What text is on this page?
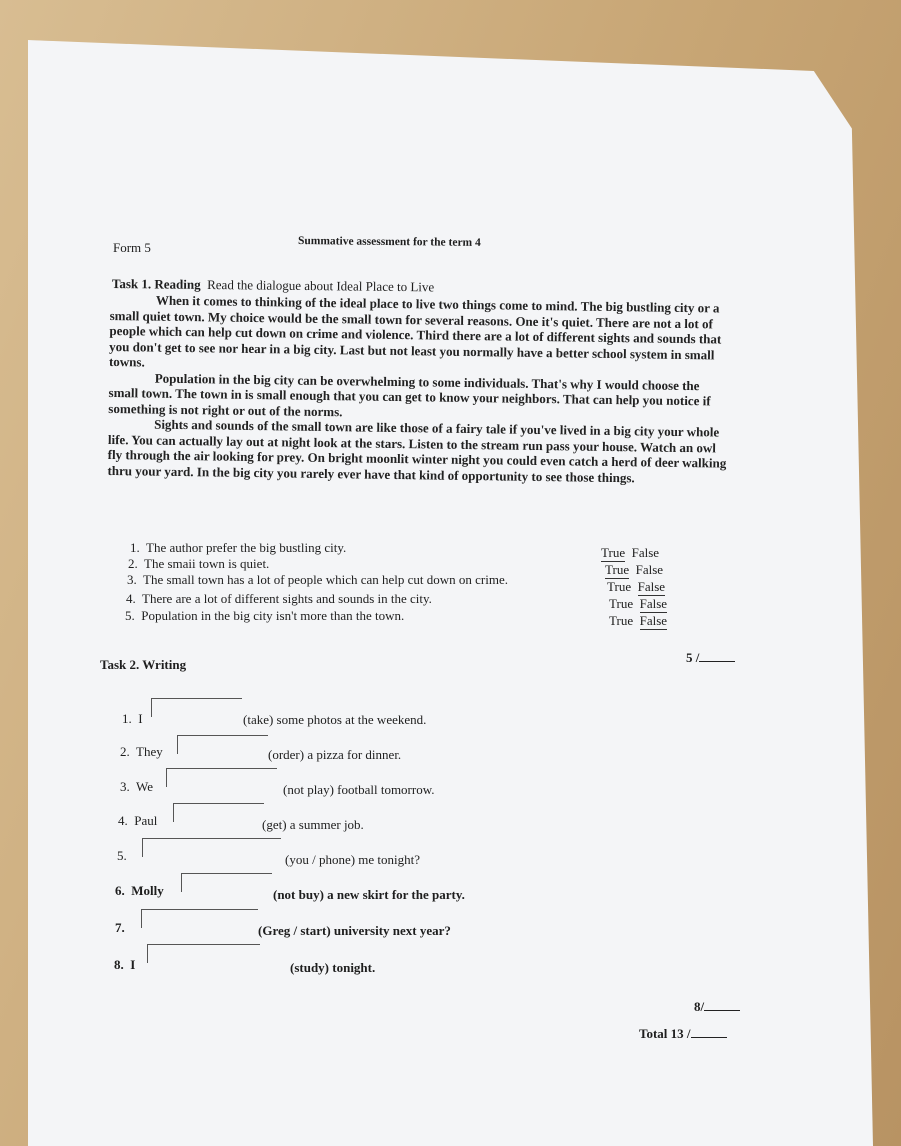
Summative assessment for the term 4
Form 5
Task 1. Reading Read the dialogue about Ideal Place to Live

When it comes to thinking of the ideal place to live two things come to mind. The big bustling city or a small quiet town. My choice would be the small town for several reasons. One it's quiet. There are not a lot of people which can help cut down on crime and violence. Third there are a lot of different sights and sounds that you don't get to see nor hear in a big city. Last but not least you normally have a better school system in small towns.

Population in the big city can be overwhelming to some individuals. That's why I would choose the small town. The town in is small enough that you can get to know your neighbors. That can help you notice if something is not right or out of the norms.

Sights and sounds of the small town are like those of a fairy tale if you've lived in a big city your whole life. You can actually lay out at night look at the stars. Listen to the stream run pass your house. Watch an owl fly through the air looking for prey. On bright moonlit winter night you could even catch a herd of deer walking thru your yard. In the big city you rarely ever have that kind of opportunity to see those things.

1. The author prefer the big bustling city.
2. The smaii town is quiet.
3. The small town has a lot of people which can help cut down on crime.
4. There are a lot of different sights and sounds in the city.
5. Population in the big city isn't more than the town.
True False
True False
True False
True False
True False
5 /
Task 2. Writing
1. I	(take) some photos at the weekend.
2. They	(order) a pizza for dinner.
3. We	(not play) football tomorrow.
4. Paul	(get) a summer job.
5.	(you / phone) me tonight?
6. Molly	(not buy) a new skirt for the party.
7.	(Greg / start) university next year?
8. I	(study) tonight.
8/
Total 13 /
